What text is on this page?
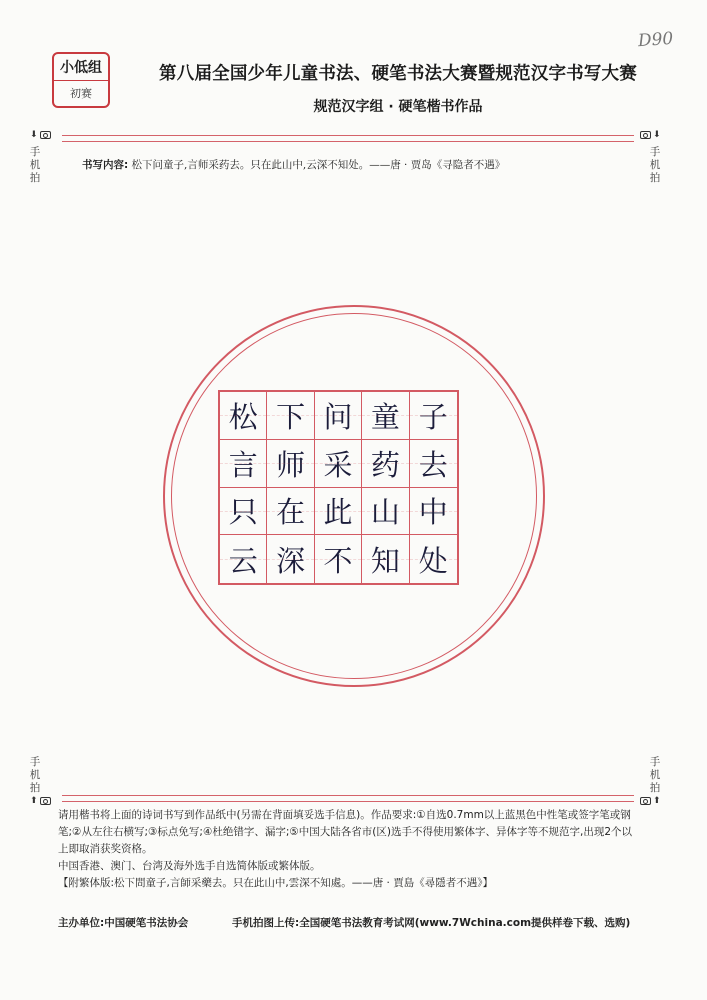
小低组
初赛
第八届全国少年儿童书法、硬笔书法大赛暨规范汉字书写大赛
规范汉字组 · 硬笔楷书作品
D90
⬇
手机拍
⬇
手机拍
书写内容: 松下问童子,言师采药去。只在此山中,云深不知处。——唐 · 贾岛《寻隐者不遇》
松 下 问 童 子
言 师 采 药 去
只 在 此 山 中
云 深 不 知 处
手机拍
⬆
手机拍
⬆

请用楷书将上面的诗词书写到作品纸中(另需在背面填妥选手信息)。作品要求:①自选0.7mm以上蓝黑色中性笔或签字笔或钢笔;②从左往右横写;③标点免写;④杜绝错字、漏字;⑤中国大陆各省市(区)选手不得使用繁体字、异体字等不规范字,出现2个以上即取消获奖资格。

中国香港、澳门、台湾及海外选手自选简体版或繁体版。

【附繁体版:松下問童子,言師采藥去。只在此山中,雲深不知處。——唐 · 賈島《尋隱者不遇》】

主办单位:中国硬笔书法协会	手机拍图上传:全国硬笔书法教育考试网(www.7Wchina.com提供样卷下载、选购)
